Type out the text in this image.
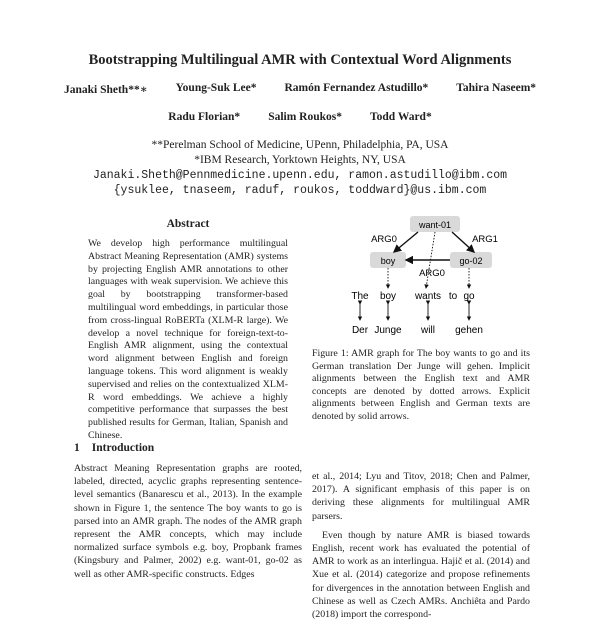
Bootstrapping Multilingual AMR with Contextual Word Alignments
Janaki Sheth**∗ Young-Suk Lee* Ramón Fernandez Astudillo* Tahira Naseem*
Radu Florian* Salim Roukos* Todd Ward*
**Perelman School of Medicine, UPenn, Philadelphia, PA, USA
*IBM Research, Yorktown Heights, NY, USA
Janaki.Sheth@Pennmedicine.upenn.edu, ramon.astudillo@ibm.com
{ysuklee, tnaseem, raduf, roukos, toddward}@us.ibm.com
Abstract
We develop high performance multilingual Abstract Meaning Representation (AMR) systems by projecting English AMR annotations to other languages with weak supervision. We achieve this goal by bootstrapping transformer-based multilingual word embeddings, in particular those from cross-lingual RoBERTa (XLM-R large). We develop a novel technique for foreign-text-to-English AMR alignment, using the contextual word alignment between English and foreign language tokens. This word alignment is weakly supervised and relies on the contextualized XLM-R word embeddings. We achieve a highly competitive performance that surpasses the best published results for German, Italian, Spanish and Chinese.
1 Introduction
Abstract Meaning Representation graphs are rooted, labeled, directed, acyclic graphs representing sentence-level semantics (Banarescu et al., 2013). In the example shown in Figure 1, the sentence The boy wants to go is parsed into an AMR graph. The nodes of the AMR graph represent the AMR concepts, which may include normalized surface symbols e.g. boy, Propbank frames (Kingsbury and Palmer, 2002) e.g. want-01, go-02 as well as other AMR-specific constructs. Edges
want-01
boy	go-02
ARG0	ARG1
ARG0
The boy wants to go
Der Junge will gehen
Figure 1: AMR graph for The boy wants to go and its German translation Der Junge will gehen. Implicit alignments between the English text and AMR concepts are denoted by dotted arrows. Explicit alignments between English and German texts are denoted by solid arrows.

et al., 2014; Lyu and Titov, 2018; Chen and Palmer, 2017). A significant emphasis of this paper is on deriving these alignments for multilingual AMR parsers.

Even though by nature AMR is biased towards English, recent work has evaluated the potential of AMR to work as an interlingua. Hajič et al. (2014) and Xue et al. (2014) categorize and propose refinements for divergences in the annotation between English and Chinese as well as Czech AMRs. Anchiêta and Pardo (2018) import the correspond-
